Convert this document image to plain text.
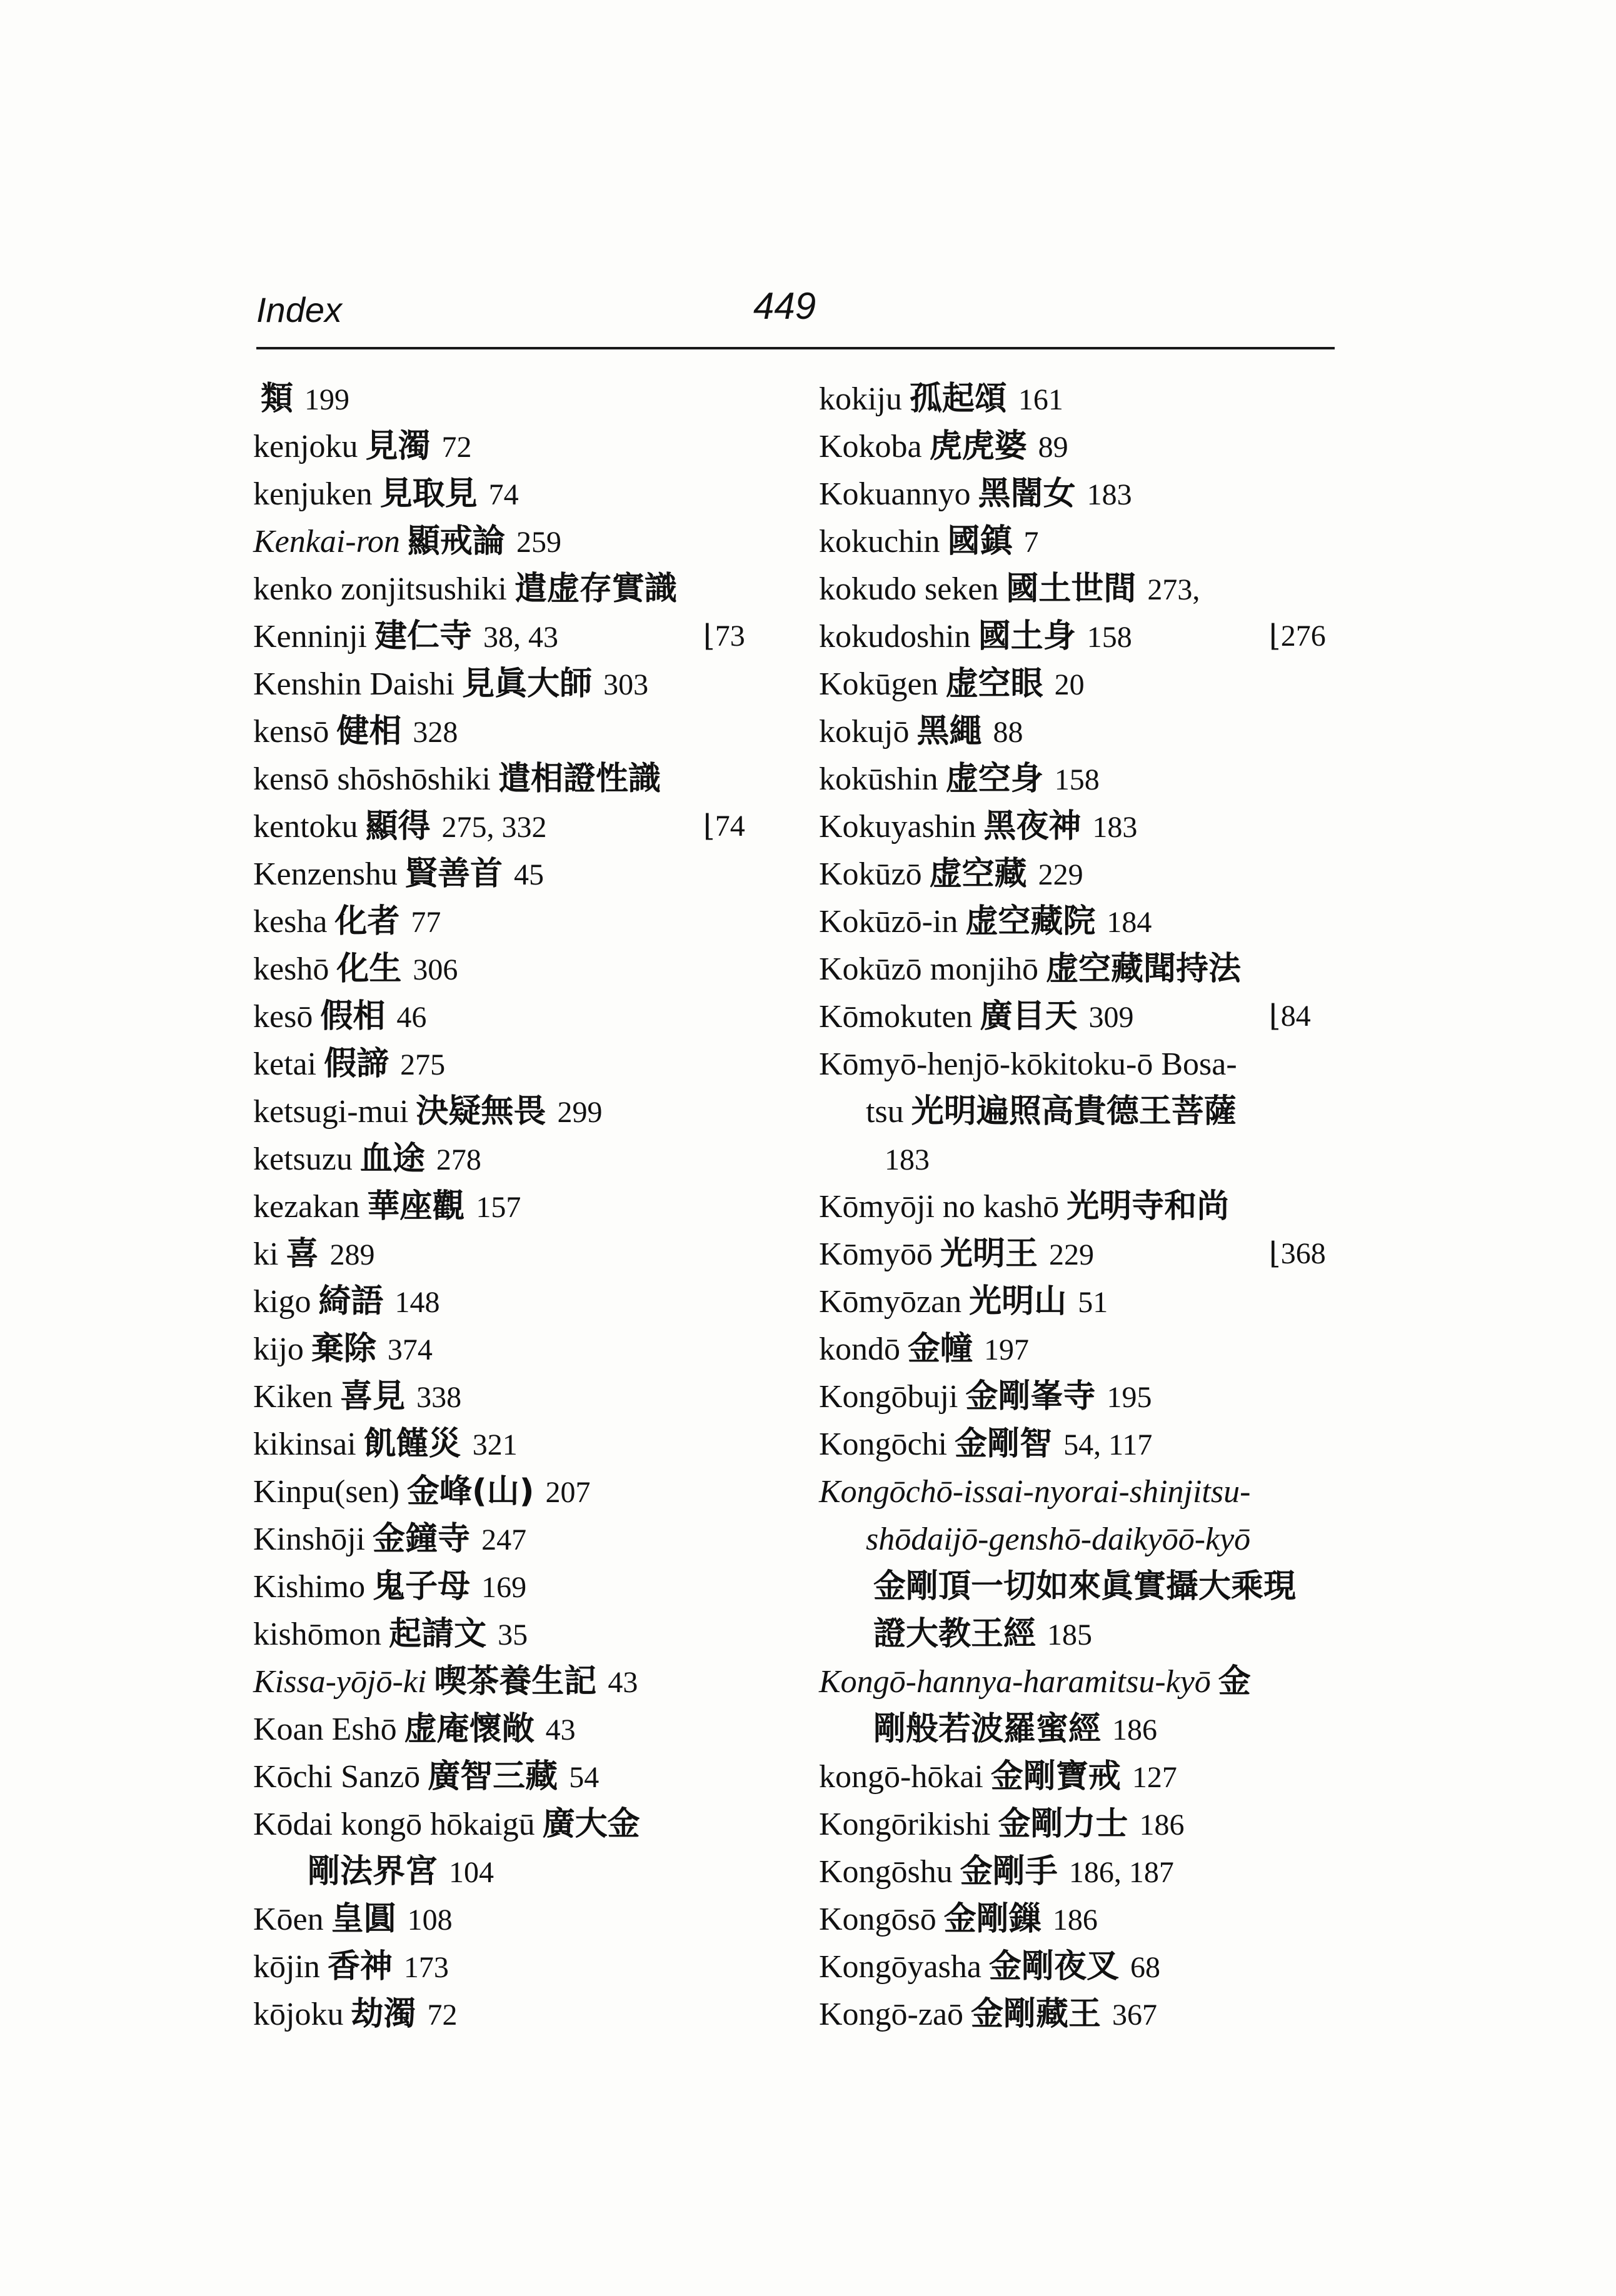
Index	449
類 199
kenjoku 見濁 72
kenjuken 見取見 74
Kenkai-ron 顯戒論 259
kenko zonjitsushiki 遣虚存實識
Kenninji 建仁寺 38, 43	⌊73
Kenshin Daishi 見眞大師 303
kensō 健相 328
kensō shōshōshiki 遣相證性識
kentoku 顯得 275, 332	⌊74
Kenzenshu 賢善首 45
kesha 化者 77
keshō 化生 306
kesō 假相 46
ketai 假諦 275
ketsugi-mui 決疑無畏 299
ketsuzu 血途 278
kezakan 華座觀 157
ki 喜 289
kigo 綺語 148
kijo 棄除 374
Kiken 喜見 338
kikinsai 飢饉災 321
Kinpu(sen) 金峰(山) 207
Kinshōji 金鐘寺 247
Kishimo 鬼子母 169
kishōmon 起請文 35
Kissa-yōjō-ki 喫茶養生記 43
Koan Eshō 虚庵懷敞 43
Kōchi Sanzō 廣智三藏 54
Kōdai kongō hōkaigū 廣大金
剛法界宮 104
Kōen 皇圓 108
kōjin 香神 173
kōjoku 劫濁 72
kokiju 孤起頌 161
Kokoba 虎虎婆 89
Kokuannyo 黑闇女 183
kokuchin 國鎮 7
kokudo seken 國土世間 273,
kokudoshin 國土身 158	⌊276
Kokūgen 虚空眼 20
kokujō 黑繩 88
kokūshin 虚空身 158
Kokuyashin 黑夜神 183
Kokūzō 虚空藏 229
Kokūzō-in 虚空藏院 184
Kokūzō monjihō 虚空藏聞持法
Kōmokuten 廣目天 309	⌊84
Kōmyō-henjō-kōkitoku-ō Bosa-
tsu 光明遍照高貴德王菩薩
183
Kōmyōji no kashō 光明寺和尚
Kōmyōō 光明王 229	⌊368
Kōmyōzan 光明山 51
kondō 金幢 197
Kongōbuji 金剛峯寺 195
Kongōchi 金剛智 54, 117
Kongōchō-issai-nyorai-shinjitsu-
shōdaijō-genshō-daikyōō-kyō
金剛頂一切如來眞實攝大乘現
證大教王經 185
Kongō-hannya-haramitsu-kyō 金
剛般若波羅蜜經 186
kongō-hōkai 金剛寶戒 127
Kongōrikishi 金剛力士 186
Kongōshu 金剛手 186, 187
Kongōsō 金剛鏁 186
Kongōyasha 金剛夜叉 68
Kongō-zaō 金剛藏王 367
